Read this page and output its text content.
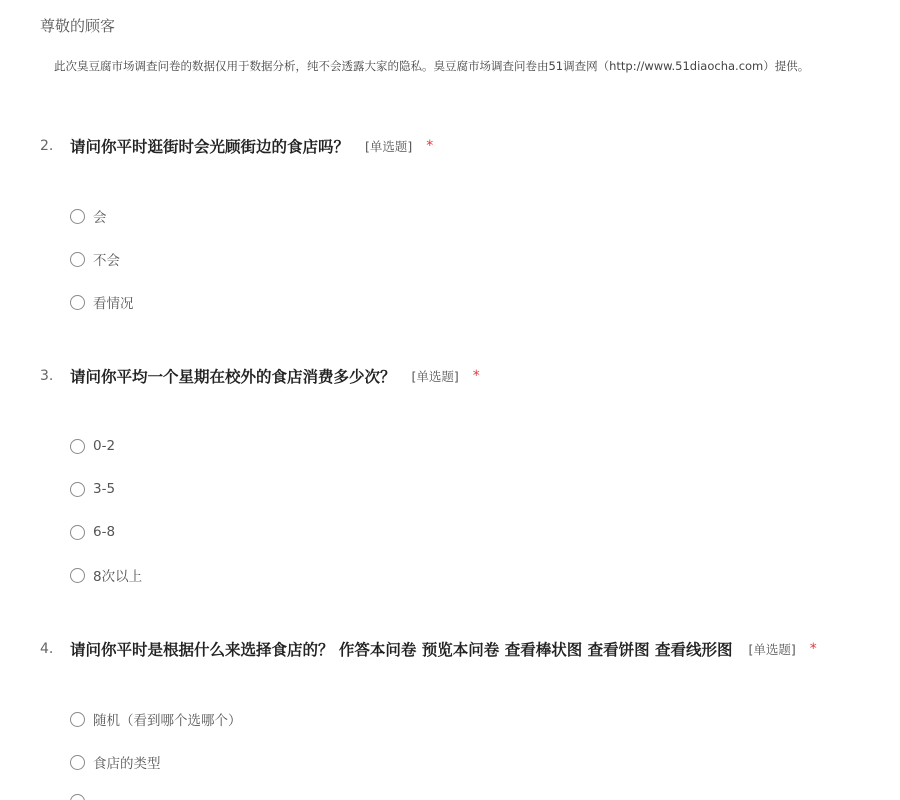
尊敬的顾客
此次臭豆腐市场调查问卷的数据仅用于数据分析，纯不会透露大家的隐私。臭豆腐市场调查问卷由51调查网（http://www.51diaocha.com）提供。
2.	请问你平时逛街时会光顾街边的食店吗？ [单选题] *
会
不会
看情况
3.	请问你平均一个星期在校外的食店消费多少次？ [单选题] *
0-2
3-5
6-8
8次以上
4.	请问你平时是根据什么来选择食店的？ 作答本问卷 预览本问卷 查看棒状图 查看饼图 查看线形图 [单选题] *
随机（看到哪个选哪个）
食店的类型
